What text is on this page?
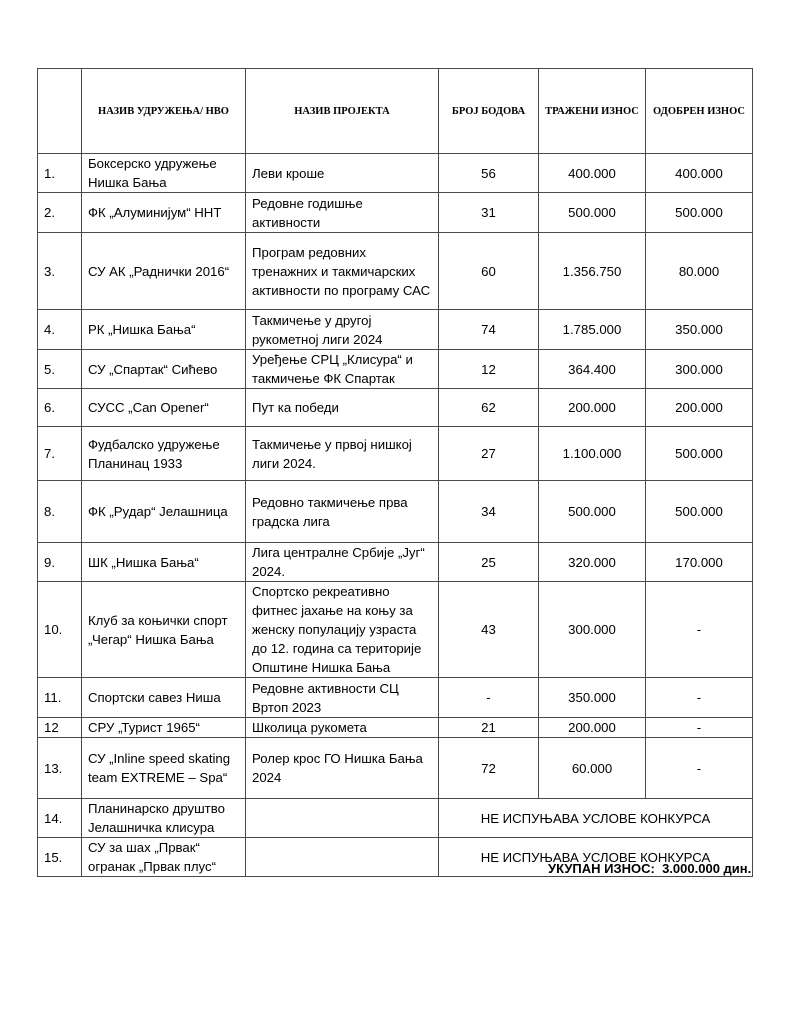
	НАЗИВ УДРУЖЕЊА/ НВО	НАЗИВ ПРОЈЕКТА	БРОЈ БОДОВА	ТРАЖЕНИ ИЗНОС	ОДОБРЕН ИЗНОС
1.	Боксерско удружење Нишка Бања	Леви кроше	56	400.000	400.000
2.	ФК „Алуминијум“ ННТ	Редовне годишње активности	31	500.000	500.000
3.	СУ АК „Раднички 2016“	Програм редовних тренажних и такмичарских активности по програму САС	60	1.356.750	80.000
4.	РК „Нишка Бања“	Такмичење у другој рукометној лиги 2024	74	1.785.000	350.000
5.	СУ „Спартак“ Сићево	Уређење СРЦ „Клисура“ и такмичење ФК Спартак	12	364.400	300.000
6.	СУСС „Can Opener“	Пут ка победи	62	200.000	200.000
7.	Фудбалско удружење Планинац 1933	Такмичење у првој нишкој лиги 2024.	27	1.100.000	500.000
8.	ФК „Рудар“ Јелашница	Редовно такмичење прва градска лига	34	500.000	500.000
9.	ШК „Нишка Бања“	Лига централне Србије „Југ“ 2024.	25	320.000	170.000
10.	Клуб за коњички спорт „Чегар“ Нишка Бања	Спортско рекреативно фитнес јахање на коњу за женску популацију узраста до 12. година са територије Општине Нишка Бања	43	300.000	-
11.	Спортски савез Ниша	Редовне активности СЦ Вртоп 2023	-	350.000	-
12	СРУ „Турист 1965“	Школица рукомета	21	200.000	-
13.	СУ „Inline speed skating team EXTREME – Spa“	Ролер крос ГО Нишка Бања 2024	72	60.000	-
14.	Планинарско друштво Јелашничка клисура		НЕ ИСПУЊАВА УСЛОВЕ КОНКУРСА		
15.	СУ за шах „Првак“ огранак „Првак плус“		НЕ ИСПУЊАВА УСЛОВЕ КОНКУРСА		
УКУПАН ИЗНОС:  3.000.000 дин.
